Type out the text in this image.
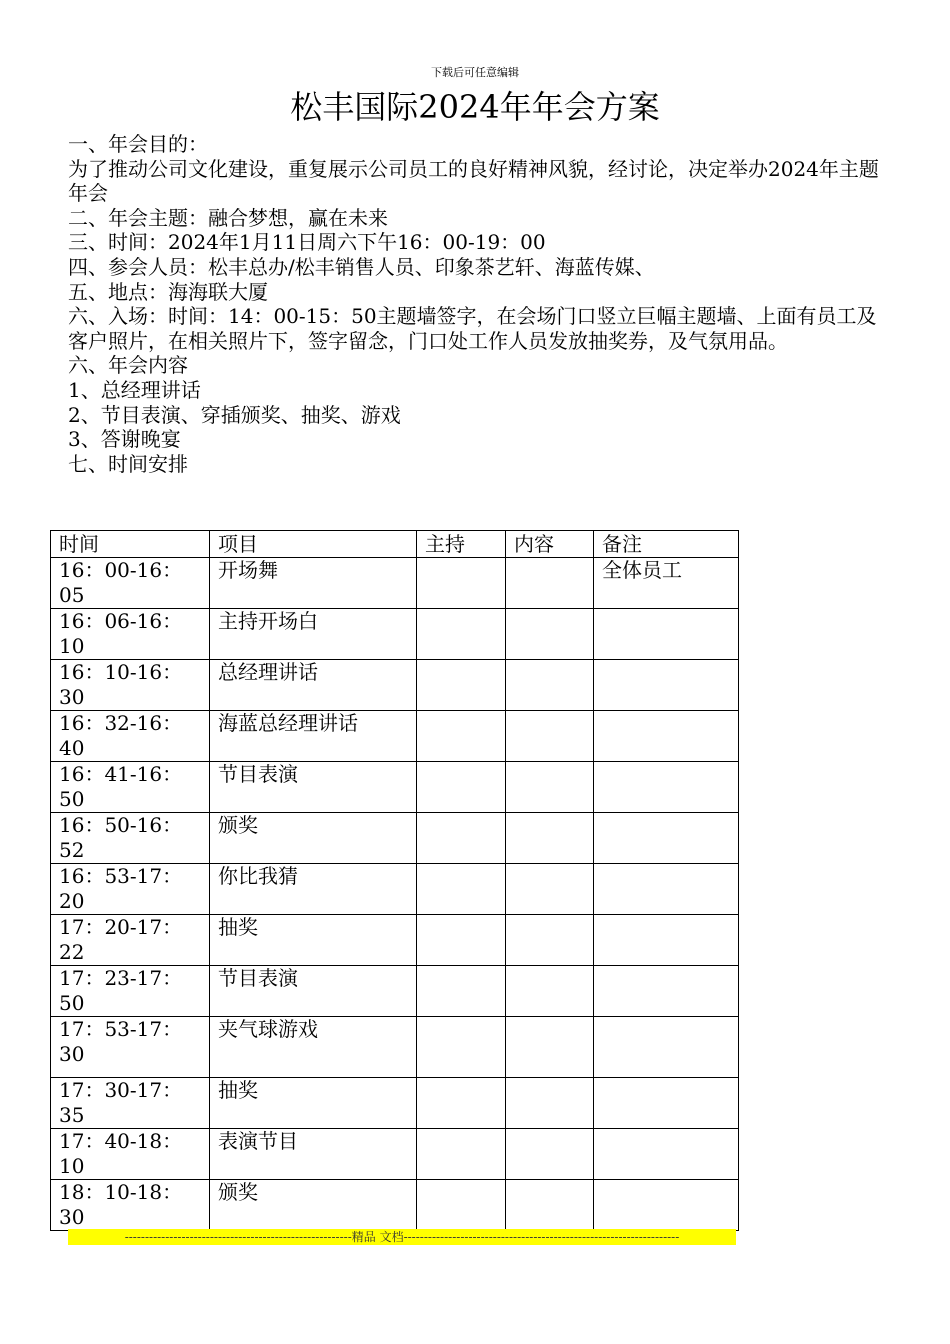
下载后可任意编辑
松丰国际2024年年会方案

一、年会目的：

为了推动公司文化建设，重复展示公司员工的良好精神风貌，经讨论，决定举办2024年主题年会

二、年会主题：融合梦想，赢在未来

三、时间：2024年1月11日周六下午16：00-19：00

四、参会人员：松丰总办/松丰销售人员、印象茶艺轩、海蓝传媒、

五、地点：海海联大厦

六、入场：时间：14：00-15：50主题墙签字，在会场门口竖立巨幅主题墙、上面有员工及客户照片，在相关照片下，签字留念，门口处工作人员发放抽奖券，及气氛用品。

六、年会内容

1、总经理讲话

2、节目表演、穿插颁奖、抽奖、游戏

3、答谢晚宴

七、时间安排

时间	项目	主持	内容	备注
16：00-16：05	开场舞			全体员工
16：06-16：10	主持开场白			
16：10-16：30	总经理讲话			
16：32-16：40	海蓝总经理讲话			
16：41-16：50	节目表演			
16：50-16：52	颁奖			
16：53-17：20	你比我猜			
17：20-17：22	抽奖			
17：23-17：50	节目表演			
17：53-17：30	夹气球游戏			
17：30-17：35	抽奖			
17：40-18：10	表演节目			
18：10-18：30	颁奖			
--------------------------------------------------------精品 文档--------------------------------------------------------------------
